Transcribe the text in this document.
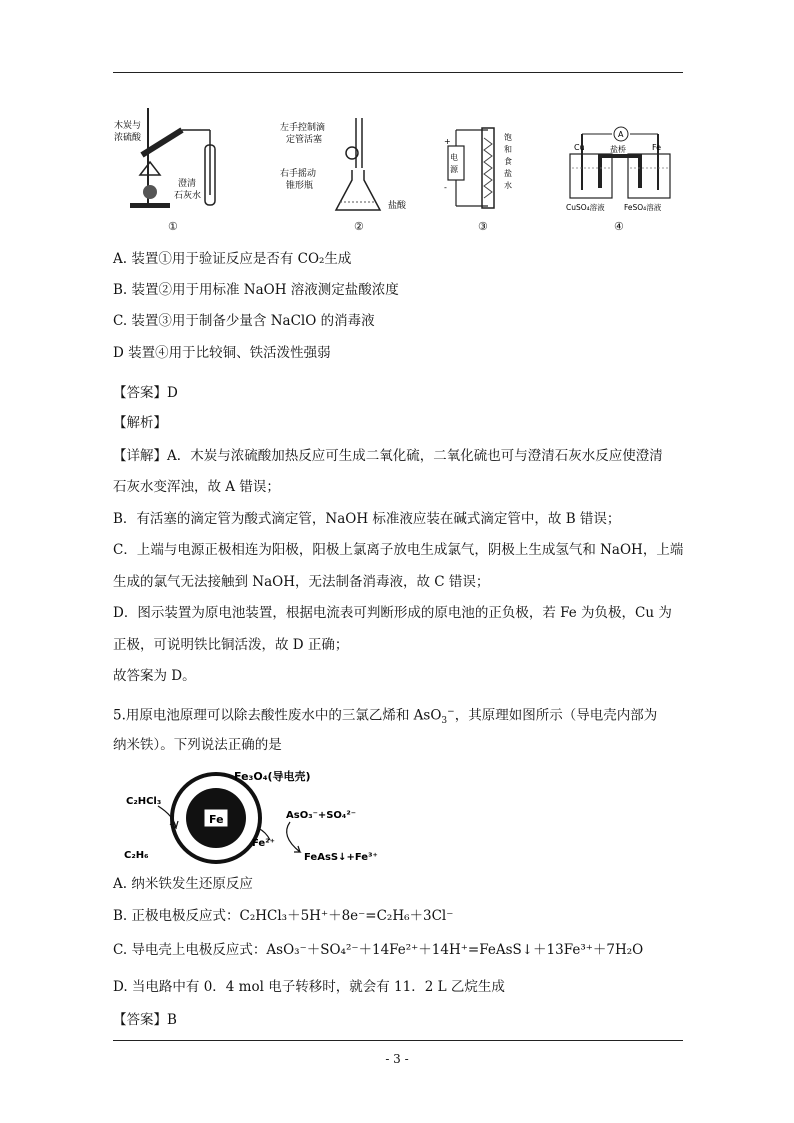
木炭与
浓硫酸
澄清
石灰水
①
左手控制滴
定管活塞
右手摇动
锥形瓶
盐酸
②
电
源
+
-
饱
和
食
盐
水
③
A
Cu	Fe
盐桥
CuSO₄溶液	FeSO₄溶液
④
A. 装置①用于验证反应是否有 CO₂生成
B. 装置②用于用标准 NaOH 溶液测定盐酸浓度
C. 装置③用于制备少量含 NaClO 的消毒液
D 装置④用于比较铜、铁活泼性强弱
【答案】D
【解析】
【详解】A．木炭与浓硫酸加热反应可生成二氧化硫，二氧化硫也可与澄清石灰水反应使澄清
石灰水变浑浊，故 A 错误；
B．有活塞的滴定管为酸式滴定管，NaOH 标准液应装在碱式滴定管中，故 B 错误；
C．上端与电源正极相连为阳极，阳极上氯离子放电生成氯气，阴极上生成氢气和 NaOH，上端
生成的氯气无法接触到 NaOH，无法制备消毒液，故 C 错误；
D．图示装置为原电池装置，根据电流表可判断形成的原电池的正负极，若 Fe 为负极，Cu 为
正极，可说明铁比铜活泼，故 D 正确；
故答案为 D。
5.用原电池原理可以除去酸性废水中的三氯乙烯和 AsO$_3$−，其原理如图所示（导电壳内部为
纳米铁）。下列说法正确的是
Fe₃O₄(导电壳)
Fe
C₂HCl₃
C₂H₆
Fe²⁺
AsO₃⁻+SO₄²⁻
FeAsS↓+Fe³⁺
A. 纳米铁发生还原反应
B. 正极电极反应式：C₂HCl₃＋5H⁺＋8e⁻=C₂H₆＋3Cl⁻
C. 导电壳上电极反应式：AsO₃⁻＋SO₄²⁻＋14Fe²⁺＋14H⁺=FeAsS↓＋13Fe³⁺＋7H₂O
D. 当电路中有 0．4 mol 电子转移时，就会有 11．2 L 乙烷生成
【答案】B
- 3 -
